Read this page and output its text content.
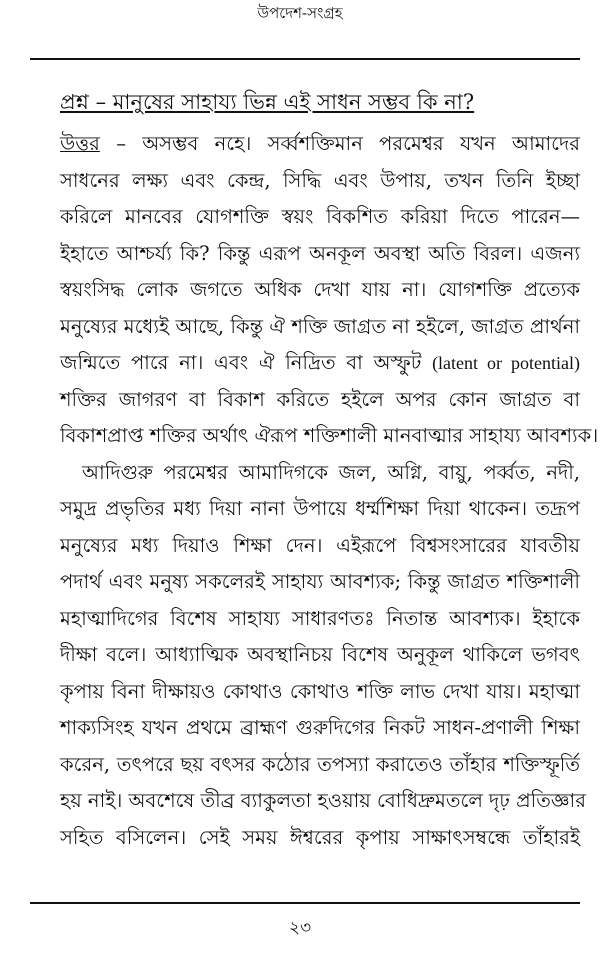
উপদেশ-সংগ্রহ
প্রশ্ন – মানুষের সাহায্য ভিন্ন এই সাধন সম্ভব কি না?
উত্তর – অসম্ভব নহে। সর্ব্বশক্তিমান পরমেশ্বর যখন আমাদের
সাধনের লক্ষ্য এবং কেন্দ্র, সিদ্ধি এবং উপায়, তখন তিনি ইচ্ছা
করিলে মানবের যোগশক্তি স্বয়ং বিকশিত করিয়া দিতে পারেন—
ইহাতে আশ্চর্য্য কি? কিন্তু এরূপ অনকূল অবস্থা অতি বিরল। এজন্য
স্বয়ংসিদ্ধ লোক জগতে অধিক দেখা যায় না। যোগশক্তি প্রত্যেক
মনুষ্যের মধ্যেই আছে, কিন্তু ঐ শক্তি জাগ্রত না হইলে, জাগ্রত প্রার্থনা
জন্মিতে পারে না। এবং ঐ নিদ্রিত বা অস্ফুট (latent or potential)
শক্তির জাগরণ বা বিকাশ করিতে হইলে অপর কোন জাগ্রত বা
বিকাশপ্রাপ্ত শক্তির অর্থাৎ ঐরূপ শক্তিশালী মানবাত্মার সাহায্য আবশ্যক।
আদিগুরু পরমেশ্বর আমাদিগকে জল, অগ্নি, বায়ু, পর্ব্বত, নদী,
সমুদ্র প্রভৃতির মধ্য দিয়া নানা উপায়ে ধর্ম্মশিক্ষা দিয়া থাকেন। তদ্রূপ
মনুষ্যের মধ্য দিয়াও শিক্ষা দেন। এইরূপে বিশ্বসংসারের যাবতীয়
পদার্থ এবং মনুষ্য সকলেরই সাহায্য আবশ্যক; কিন্তু জাগ্রত শক্তিশালী
মহাত্মাদিগের বিশেষ সাহায্য সাধারণতঃ নিতান্ত আবশ্যক। ইহাকে
দীক্ষা বলে। আধ্যাত্মিক অবস্থানিচয় বিশেষ অনুকূল থাকিলে ভগবৎ
কৃপায় বিনা দীক্ষায়ও কোথাও কোথাও শক্তি লাভ দেখা যায়। মহাত্মা
শাক্যসিংহ যখন প্রথমে ব্রাহ্মণ গুরুদিগের নিকট সাধন-প্রণালী শিক্ষা
করেন, তৎপরে ছয় বৎসর কঠোর তপস্যা করাতেও তাঁহার শক্তিস্ফূর্তি
হয় নাই। অবশেষে তীব্র ব্যাকুলতা হওয়ায় বোধিদ্রুমতলে দৃঢ় প্রতিজ্ঞার
সহিত বসিলেন। সেই সময় ঈশ্বরের কৃপায় সাক্ষাৎসম্বন্ধে তাঁহারই
২৩
